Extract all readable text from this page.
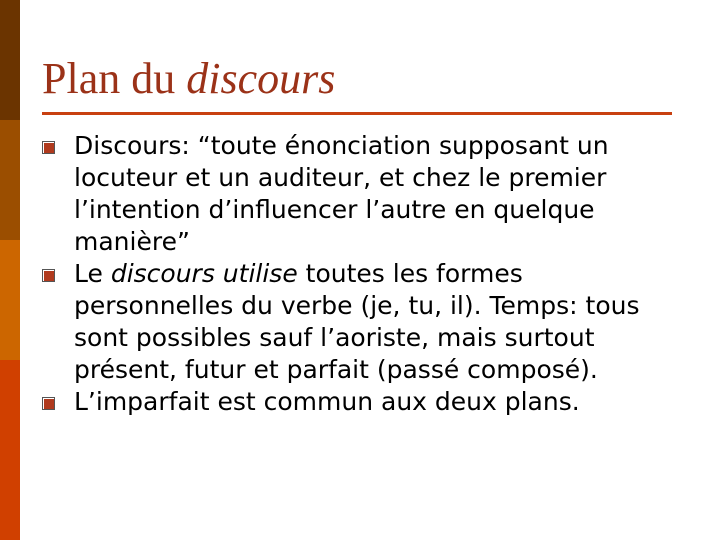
Plan du discours
Discours: “toute énonciation supposant un locuteur et un auditeur, et chez le premier l’intention d’influencer l’autre en quelque manière”
Le discours utilise toutes les formes personnelles du verbe (je, tu, il). Temps: tous sont possibles sauf l’aoriste, mais surtout présent, futur et parfait (passé composé).
L’imparfait est commun aux deux plans.
